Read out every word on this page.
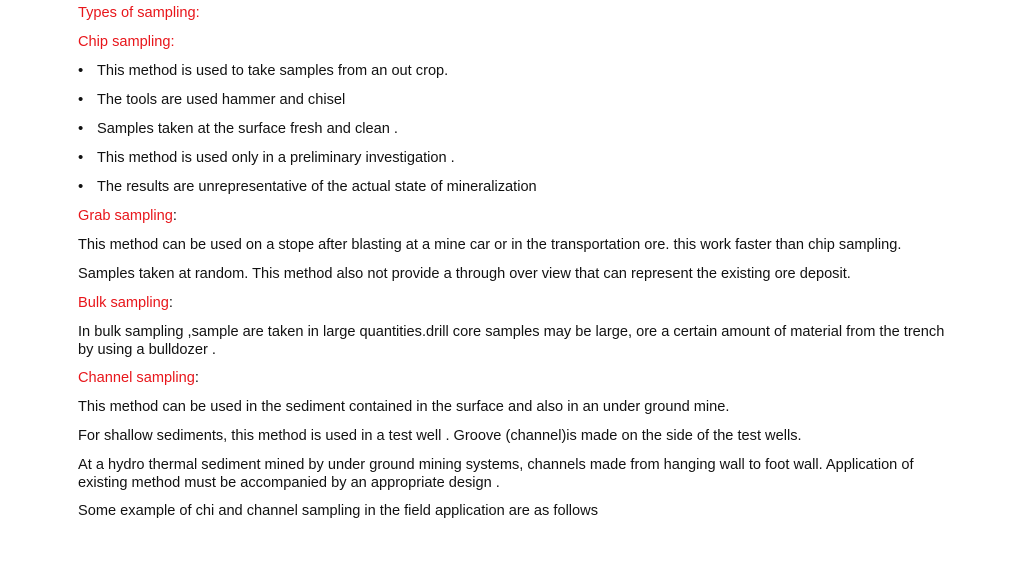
Types of sampling:

Chip sampling:

• This method is used to take samples from an out crop.

• The tools are used hammer and chisel

• Samples taken at the surface fresh and clean .

• This method is used only in a preliminary investigation .

• The results are unrepresentative of the actual state of mineralization

Grab sampling:

This method can be used on a stope after blasting at a mine car or in the transportation ore. this work faster than chip sampling.

Samples taken at random. This method also not provide a through over view that can represent the existing ore deposit.

Bulk sampling:

In bulk sampling ,sample are taken in large quantities.drill core samples may be large, ore a certain amount of material from the trench by using a bulldozer .

Channel sampling:

This method can be used in the sediment contained in the surface and also in an under ground mine.

For shallow sediments, this method is used in a test well . Groove (channel)is made on the side of the test wells.

At a hydro thermal sediment mined by under ground mining systems, channels made from hanging wall to foot wall. Application of existing method must be accompanied by an appropriate design .

Some example of chi and channel sampling in the field application are as follows
